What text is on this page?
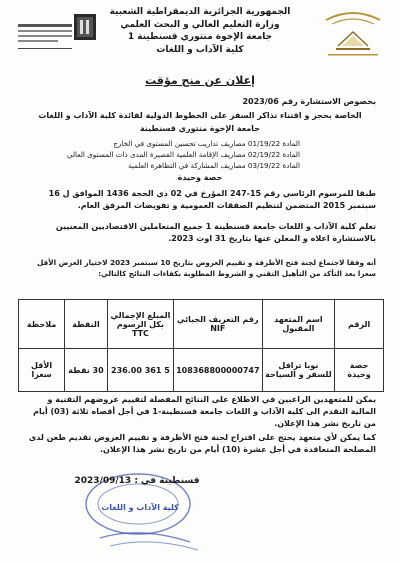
الجمهورية الجزائرية الديمقراطية الشعبية
وزارة التعليم العالي و البحث العلمي
جامعة الإخوة منتوري قسنطينة 1
كلية الآداب و اللغات
إعلان عن منح مؤقت
بخصوص الاستشارة رقم 2023/06
الخاصة بحجز و اقتناء تذاكر السفر على الخطوط الدولية لفائدة كلية الآداب و اللغات
جامعة الإخوة منتوري قسنطينة
المادة 01/19/22 مصاريف تداريب تحسين المستوى في الخارج
المادة 02/19/22 مصاريف الإقامة العلمية القصيرة المدى ذات المستوى العالي
المادة 03/19/22 مصاريف المشاركة في التظاهرة العلمية
حصة وحيدة
طبقا للمرسوم الرئاسي رقم 15-247 المؤرخ في 02 ذي الحجة 1436 الموافق ل 16 سبتمبر 2015 المتضمن لتنظيم الصفقات العمومية و تفويضات المرفق العام.
تعلم كلية الآداب و اللغات جامعة قسنطينة 1 جميع المتعاملين الاقتصاديين المعنيين بالاستشارة اعلاه و المعلن عنها بتاريخ 31 اوت 2023.
أنه وفقا لاجتماع لجنة فتح الأظرفة و تقييم العروض بتاريخ 10 سبتمبر 2023 لاختيار العرض الأقل سعرا بعد التأكد من التأهيل التقني و الشروط المطلوبة بكفاءات النتائج كالتالي:
الرقم	اسم المتعهد المقبول	رقم التعريف الجبائي NIF	المبلغ الإجمالي بكل الرسوم TTC	النقطة	ملاحظة
حصة وحيدة	نوبا ترافل للسفر و السياحة	108368800000747	5 361 236.00	30 نقطة	الأقل سعرا
يمكن للمتعهدين الراغبين في الاطلاع على النتائج المفصلة لتقييم عروضهم التقنية و المالية التقدم الى كلية الآداب و اللغات جامعة قسنطينة-1 في أجل أقصاه ثلاثة (03) أيام من تاريخ نشر هذا الإعلان.
كما يمكن لأي متعهد يحتج على اقتراح لجنة فتح الأظرفة و تقييم العروض تقديم طعن لدى المصلحة المتعاقدة في أجل عشرة (10) أيام من تاريخ نشر هذا الإعلان.
قسنطينة في : 2023/09/13
كلية الآداب و اللغات
